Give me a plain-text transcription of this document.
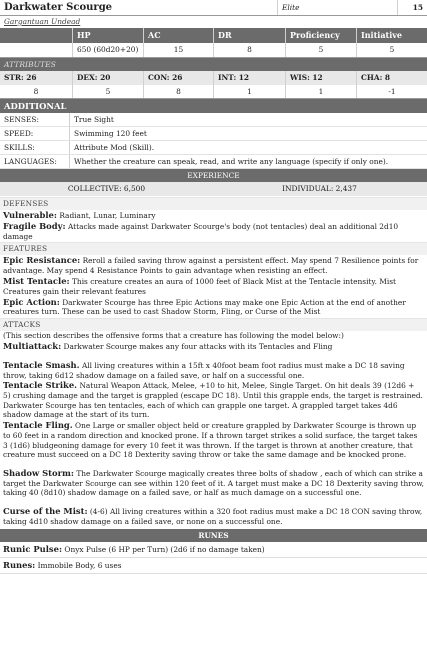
Darkwater Scourge	Elite	15
Gargantuan Undead
HP	AC	DR	Proficiency	Initiative
650 (60d20+20)	15	8	5	5
ATTRIBUTES
STR: 26	DEX: 20	CON: 26	INT: 12	WIS: 12	CHA: 8
8	5	8	1	1	-1
ADDITIONAL
SENSES:	True Sight
SPEED:	Swimming 120 feet
SKILLS:	Attribute Mod (Skill).
LANGUAGES:	Whether the creature can speak, read, and write any language (specify if only one).
EXPERIENCE
COLLECTIVE: 6,500	INDIVIDUAL: 2,437
DEFENSES

Vulnerable: Radiant, Lunar, Luminary

Fragile Body: Attacks made against Darkwater Scourge's body (not tentacles) deal an additional 2d10 damage

FEATURES

Epic Resistance: Reroll a failed saving throw against a persistent effect. May spend 7 Resilience points for advantage. May spend 4 Resistance Points to gain advantage when resisting an effect.

Mist Tentacle: This creature creates an aura of 1000 feet of Black Mist at the Tentacle intensity. Mist Creatures gain their relevant features

Epic Action: Darkwater Scourge has three Epic Actions may make one Epic Action at the end of another creatures turn. These can be used to cast Shadow Storm, Fling, or Curse of the Mist

ATTACKS

(This section describes the offensive forms that a creature has following the model below:)

Multiattack: Darkwater Scourge makes any four attacks with its Tentacles and Fling

Tentacle Smash. All living creatures within a 15ft x 40foot beam foot radius must make a DC 18 saving throw, taking 6d12 shadow damage on a failed save, or half on a successful one.

Tentacle Strike. Natural Weapon Attack, Melee, +10 to hit, Melee, Single Target. On hit deals 39 (12d6 + 5) crushing damage and the target is grappled (escape DC 18). Until this grapple ends, the target is restrained. Darkwater Scourge has ten tentacles, each of which can grapple one target. A grappled target takes 4d6 shadow damage at the start of its turn.

Tentacle Fling. One Large or smaller object held or creature grappled by Darkwater Scourge is thrown up to 60 feet in a random direction and knocked prone. If a thrown target strikes a solid surface, the target takes 3 (1d6) bludgeoning damage for every 10 feet it was thrown. If the target is thrown at another creature, that creature must succeed on a DC 18 Dexterity saving throw or take the same damage and be knocked prone.

Shadow Storm: The Darkwater Scourge magically creates three bolts of shadow , each of which can strike a target the Darkwater Scourge can see within 120 feet of it. A target must make a DC 18 Dexterity saving throw, taking 40 (8d10) shadow damage on a failed save, or half as much damage on a successful one.

Curse of the Mist: (4-6) All living creatures within a 320 foot radius must make a DC 18 CON saving throw, taking 4d10 shadow damage on a failed save, or none on a successful one.

RUNES
Runic Pulse: Onyx Pulse (6 HP per Turn) (2d6 if no damage taken)
Runes: Immobile Body, 6 uses
